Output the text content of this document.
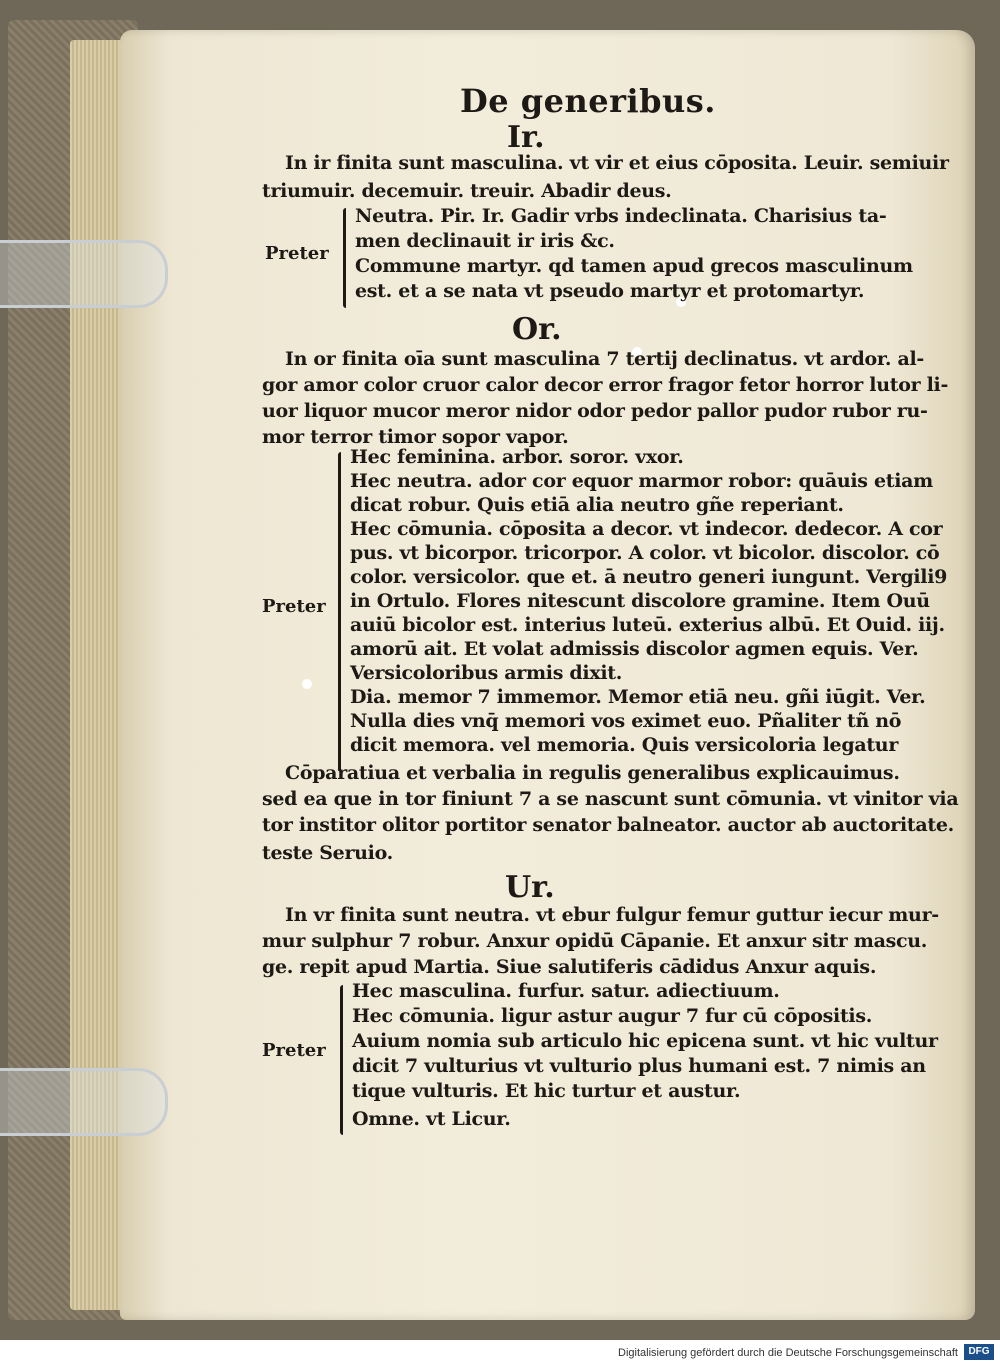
De generibus.
Ir.
In ir finita sunt masculina. vt vir et eius cōposita. Leuir. semiuir
triumuir. decemuir. treuir. Abadir deus.
Preter
Neutra. Pir. Ir. Gadir vrbs indeclinata. Charisius ta-
men declinauit ir iris &c.
Commune martyr. qd tamen apud grecos masculinum
est. et a se nata vt pseudo martyr et protomartyr.
Or.
In or finita oīa sunt masculina 7 tertij declinatus. vt ardor. al-
gor amor color cruor calor decor error fragor fetor horror lutor li-
uor liquor mucor meror nidor odor pedor pallor pudor rubor ru-
mor terror timor sopor vapor.
Preter
Hec feminina. arbor. soror. vxor.
Hec neutra. ador cor equor marmor robor: quāuis etiam
dicat robur. Quis etiā alia neutro gñe reperiant.
Hec cōmunia. cōposita a decor. vt indecor. dedecor. A cor
pus. vt bicorpor. tricorpor. A color. vt bicolor. discolor. cō
color. versicolor. que et. ā neutro generi iungunt. Vergili9
in Ortulo. Flores nitescunt discolore gramine. Item Ouū
auiū bicolor est. interius luteū. exterius albū. Et Ouid. iij.
amorū ait. Et volat admissis discolor agmen equis. Ver.
Versicoloribus armis dixit.
Dia. memor 7 immemor. Memor etiā neu. gñi iūgit. Ver.
Nulla dies vnq̄ memori vos eximet euo. Pñaliter tñ nō
dicit memora. vel memoria. Quis versicoloria legatur
Cōparatiua et verbalia in regulis generalibus explicauimus.
sed ea que in tor finiunt 7 a se nascunt sunt cōmunia. vt vinitor via
tor institor olitor portitor senator balneator. auctor ab auctoritate.
teste Seruio.
Ur.
In vr finita sunt neutra. vt ebur fulgur femur guttur iecur mur-
mur sulphur 7 robur. Anxur opidū Cāpanie. Et anxur sitr mascu.
ge. repit apud Martia. Siue salutiferis cādidus Anxur aquis.
Preter
Hec masculina. furfur. satur. adiectiuum.
Hec cōmunia. ligur astur augur 7 fur cū cōpositis.
Auium nomia sub articulo hic epicena sunt. vt hic vultur
dicit 7 vulturius vt vulturio plus humani est. 7 nimis an
tique vulturis. Et hic turtur et austur.
Omne. vt Licur.
Digitalisierung gefördert durch die Deutsche Forschungsgemeinschaft	DFG
